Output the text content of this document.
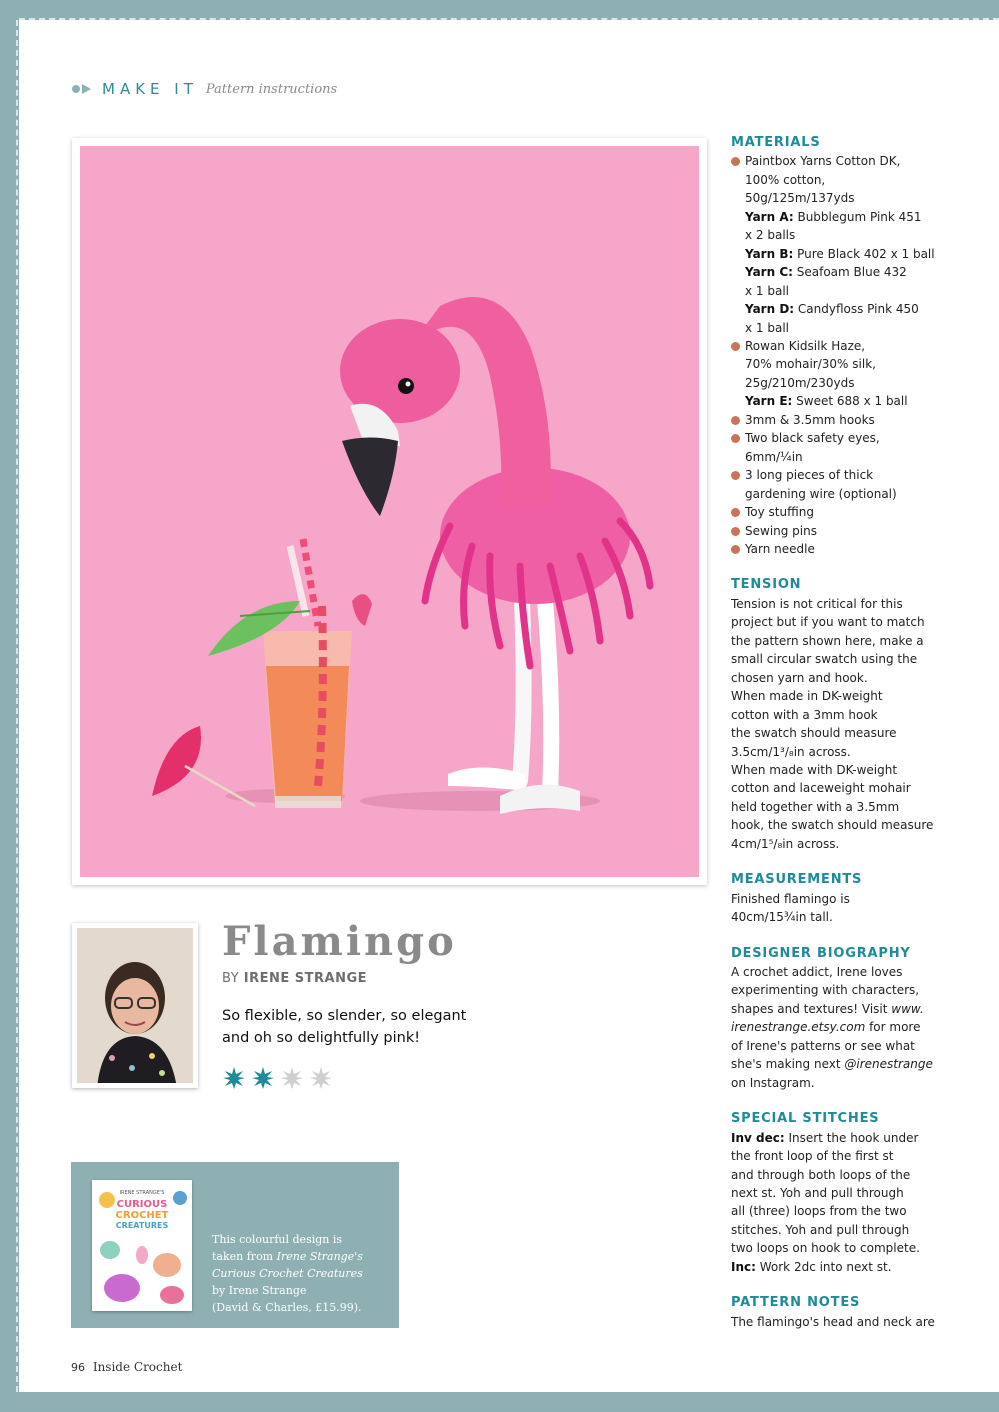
MAKE IT Pattern instructions
Flamingo
BY IRENE STRANGE
So flexible, so slender, so elegant and oh so delightfully pink!
IRENE STRANGE'S
CURIOUS
CROCHET
CREATURES
This colourful design is
taken from Irene Strange's
Curious Crochet Creatures
by Irene Strange
(David & Charles, £15.99).
96 Inside Crochet
MATERIALS
Paintbox Yarns Cotton DK,
100% cotton,
50g/125m/137yds
Yarn A: Bubblegum Pink 451
x 2 balls
Yarn B: Pure Black 402 x 1 ball
Yarn C: Seafoam Blue 432
x 1 ball
Yarn D: Candyfloss Pink 450
x 1 ball
Rowan Kidsilk Haze,
70% mohair/30% silk,
25g/210m/230yds
Yarn E: Sweet 688 x 1 ball
3mm & 3.5mm hooks
Two black safety eyes,
6mm/¼in
3 long pieces of thick
gardening wire (optional)
Toy stuffing
Sewing pins
Yarn needle
TENSION
Tension is not critical for this
project but if you want to match
the pattern shown here, make a
small circular swatch using the
chosen yarn and hook.
When made in DK-weight
cotton with a 3mm hook
the swatch should measure
3.5cm/1³/₈in across.
When made with DK-weight
cotton and laceweight mohair
held together with a 3.5mm
hook, the swatch should measure
4cm/1⁵/₈in across.
MEASUREMENTS
Finished flamingo is
40cm/15¾in tall.
DESIGNER BIOGRAPHY
A crochet addict, Irene loves
experimenting with characters,
shapes and textures! Visit www.
irenestrange.etsy.com for more
of Irene's patterns or see what
she's making next @irenestrange
on Instagram.
SPECIAL STITCHES
Inv dec: Insert the hook under
the front loop of the first st
and through both loops of the
next st. Yoh and pull through
all (three) loops from the two
stitches. Yoh and pull through
two loops on hook to complete.
Inc: Work 2dc into next st.
PATTERN NOTES
The flamingo's head and neck are
